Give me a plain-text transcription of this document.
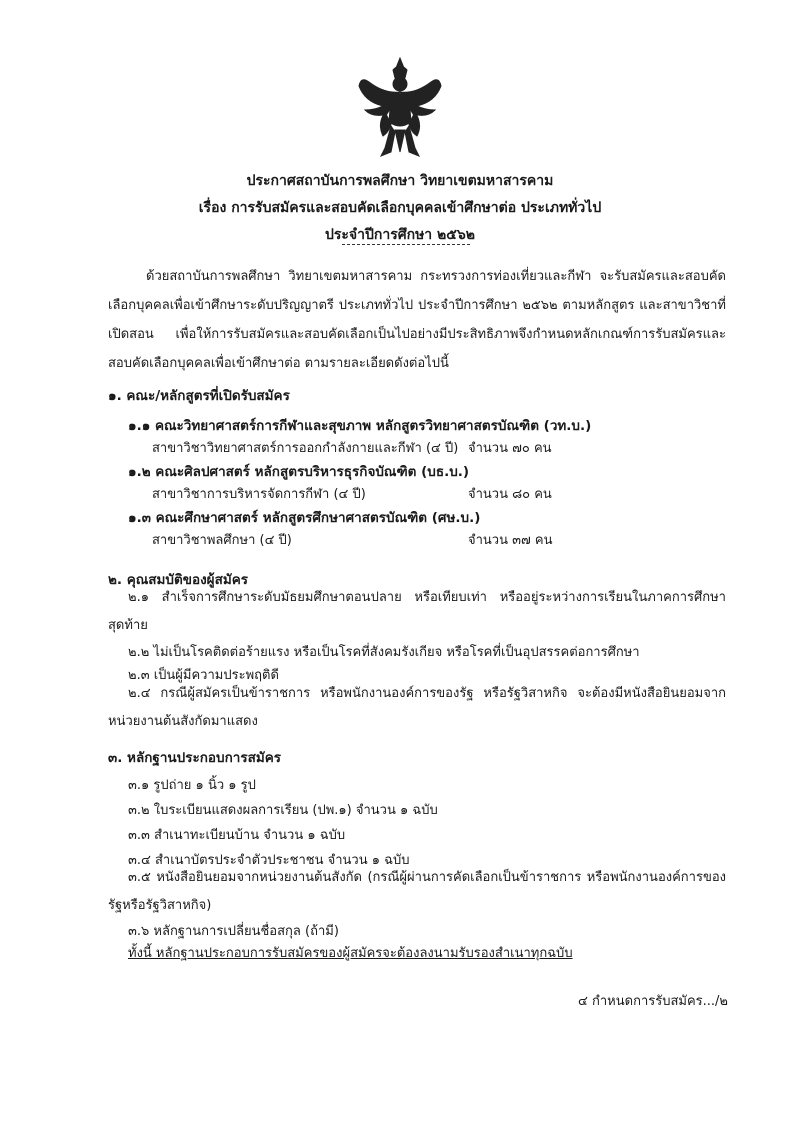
ประกาศสถาบันการพลศึกษา วิทยาเขตมหาสารคาม
เรื่อง การรับสมัครและสอบคัดเลือกบุคคลเข้าศึกษาต่อ ประเภททั่วไป
ประจำปีการศึกษา ๒๕๖๒
ด้วยสถาบันการพลศึกษา วิทยาเขตมหาสารคาม กระทรวงการท่องเที่ยวและกีฬา จะรับสมัครและสอบคัดเลือกบุคคลเพื่อเข้าศึกษาระดับปริญญาตรี ประเภททั่วไป ประจำปีการศึกษา ๒๕๖๒ ตามหลักสูตร และสาขาวิชาที่เปิดสอน เพื่อให้การรับสมัครและสอบคัดเลือกเป็นไปอย่างมีประสิทธิภาพจึงกำหนดหลักเกณฑ์การรับสมัครและสอบคัดเลือกบุคคลเพื่อเข้าศึกษาต่อ ตามรายละเอียดดังต่อไปนี้
๑. คณะ/หลักสูตรที่เปิดรับสมัคร
๑.๑ คณะวิทยาศาสตร์การกีฬาและสุขภาพ หลักสูตรวิทยาศาสตรบัณฑิต (วท.บ.)
สาขาวิชาวิทยาศาสตร์การออกกำลังกายและกีฬา (๔ ปี) จำนวน ๗๐ คน
๑.๒ คณะศิลปศาสตร์ หลักสูตรบริหารธุรกิจบัณฑิต (บธ.บ.)
สาขาวิชาการบริหารจัดการกีฬา (๔ ปี)	จำนวน ๘๐ คน
๑.๓ คณะศึกษาศาสตร์ หลักสูตรศึกษาศาสตรบัณฑิต (ศษ.บ.)
สาขาวิชาพลศึกษา (๔ ปี)	จำนวน ๓๗ คน
๒. คุณสมบัติของผู้สมัคร
๒.๑ สำเร็จการศึกษาระดับมัธยมศึกษาตอนปลาย หรือเทียบเท่า หรืออยู่ระหว่างการเรียนในภาคการศึกษาสุดท้าย
๒.๒ ไม่เป็นโรคติดต่อร้ายแรง หรือเป็นโรคที่สังคมรังเกียจ หรือโรคที่เป็นอุปสรรคต่อการศึกษา
๒.๓ เป็นผู้มีความประพฤติดี
๒.๔ กรณีผู้สมัครเป็นข้าราชการ หรือพนักงานองค์การของรัฐ หรือรัฐวิสาหกิจ จะต้องมีหนังสือยินยอมจากหน่วยงานต้นสังกัดมาแสดง
๓. หลักฐานประกอบการสมัคร
๓.๑ รูปถ่าย ๑ นิ้ว ๑ รูป
๓.๒ ใบระเบียนแสดงผลการเรียน (ปพ.๑) จำนวน ๑ ฉบับ
๓.๓ สำเนาทะเบียนบ้าน จำนวน ๑ ฉบับ
๓.๔ สำเนาบัตรประจำตัวประชาชน จำนวน ๑ ฉบับ
๓.๕ หนังสือยินยอมจากหน่วยงานต้นสังกัด (กรณีผู้ผ่านการคัดเลือกเป็นข้าราชการ หรือพนักงานองค์การของรัฐหรือรัฐวิสาหกิจ)
๓.๖ หลักฐานการเปลี่ยนชื่อสกุล (ถ้ามี)
ทั้งนี้ หลักฐานประกอบการรับสมัครของผู้สมัครจะต้องลงนามรับรองสำเนาทุกฉบับ
๔ กำหนดการรับสมัคร.../๒
